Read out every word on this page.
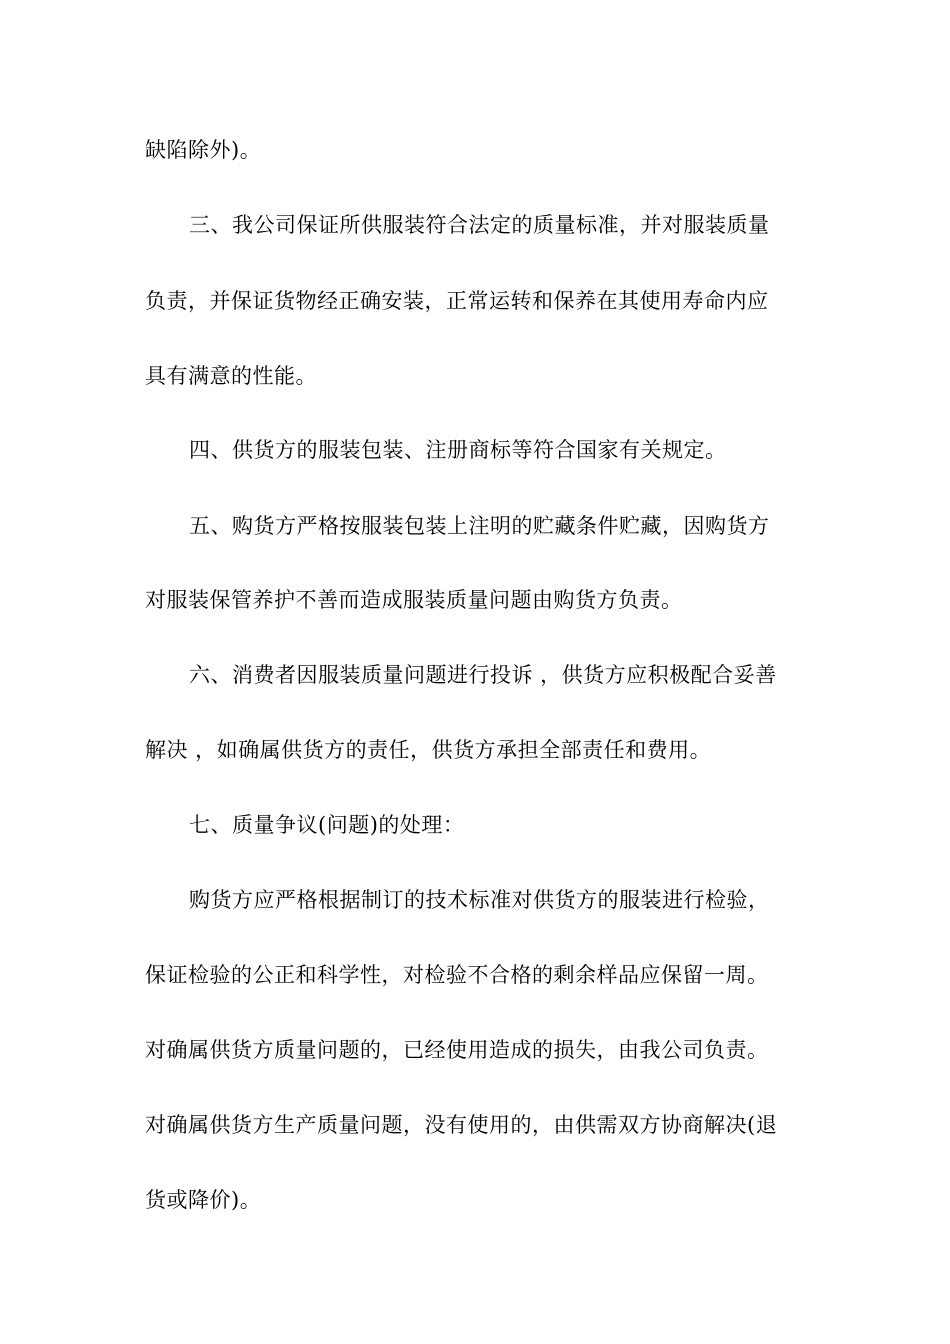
缺陷除外)。
三、我公司保证所供服装符合法定的质量标准，并对服装质量
负责，并保证货物经正确安装，正常运转和保养在其使用寿命内应
具有满意的性能。
四、供货方的服装包装、注册商标等符合国家有关规定。
五、购货方严格按服装包装上注明的贮藏条件贮藏，因购货方
对服装保管养护不善而造成服装质量问题由购货方负责。
六、消费者因服装质量问题进行投诉 ，供货方应积极配合妥善
解决 ，如确属供货方的责任，供货方承担全部责任和费用。
七、质量争议(问题)的处理：
购货方应严格根据制订的技术标准对供货方的服装进行检验，
保证检验的公正和科学性，对检验不合格的剩余样品应保留一周。
对确属供货方质量问题的，已经使用造成的损失，由我公司负责。
对确属供货方生产质量问题，没有使用的，由供需双方协商解决(退
货或降价)。
